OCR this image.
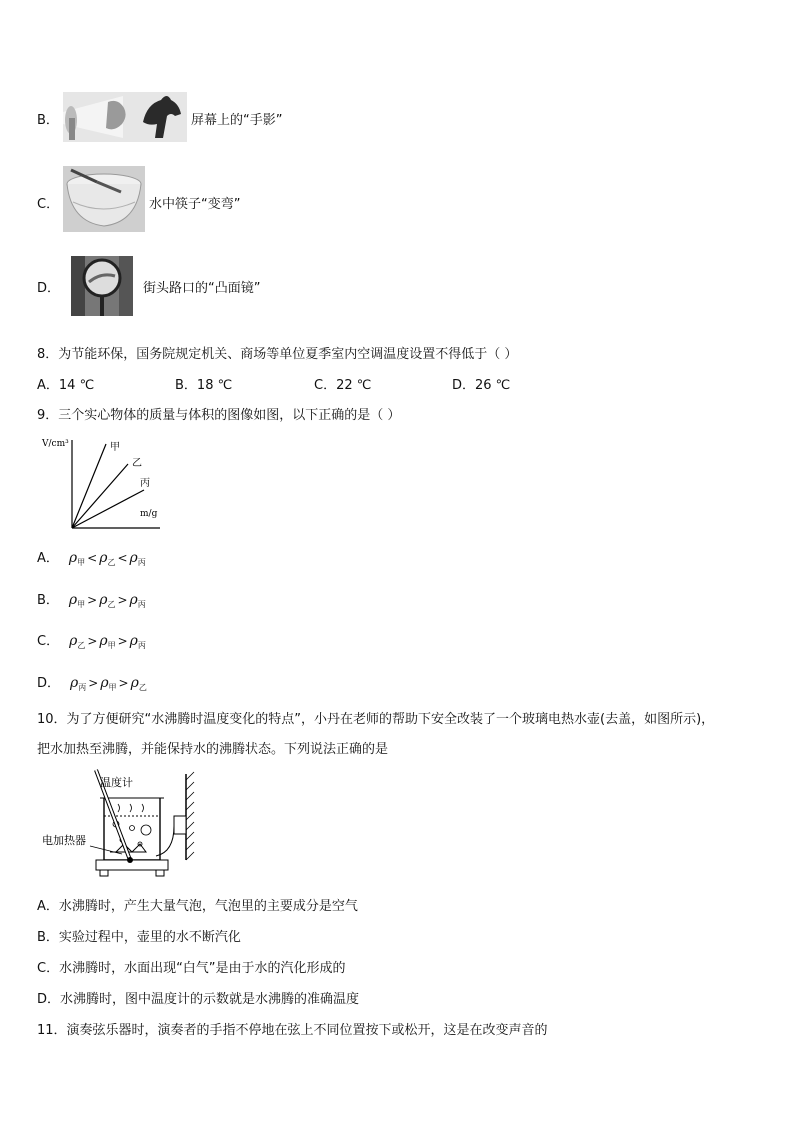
B．	屏幕上的“手影”
C．	水中筷子“变弯”
D．	街头路口的“凸面镜”
8．为节能环保，国务院规定机关、商场等单位夏季室内空调温度设置不得低于（ ）
A．14 ℃	B．18 ℃	C．22 ℃	D．26 ℃
9．三个实心物体的质量与体积的图像如图，以下正确的是（ ）
V/cm³
m/g
甲
乙
丙
A． $\rho_甲 < \rho_乙 < \rho_丙$
B． $\rho_甲 > \rho_乙 > \rho_丙$
C． $\rho_乙 > \rho_甲 > \rho_丙$
D． $\rho_丙 > \rho_甲 > \rho_乙$
10．为了方便研究“水沸腾时温度变化的特点”，小丹在老师的帮助下安全改装了一个玻璃电热水壶(去盖，如图所示)，
把水加热至沸腾，并能保持水的沸腾状态。下列说法正确的是
温度计
电加热器
A．水沸腾时，产生大量气泡，气泡里的主要成分是空气
B．实验过程中，壶里的水不断汽化
C．水沸腾时，水面出现“白气”是由于水的汽化形成的
D．水沸腾时，图中温度计的示数就是水沸腾的准确温度
11．演奏弦乐器时，演奏者的手指不停地在弦上不同位置按下或松开，这是在改变声音的
